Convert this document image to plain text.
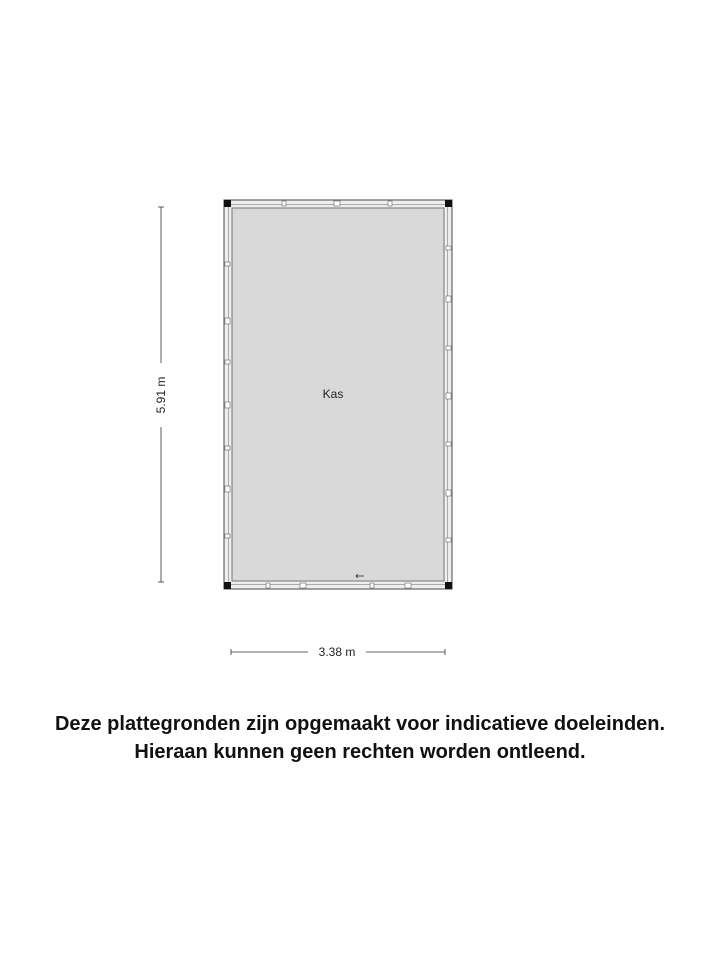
Kas
5.91 m
3.38 m
Deze plattegronden zijn opgemaakt voor indicatieve doeleinden.
Hieraan kunnen geen rechten worden ontleend.
